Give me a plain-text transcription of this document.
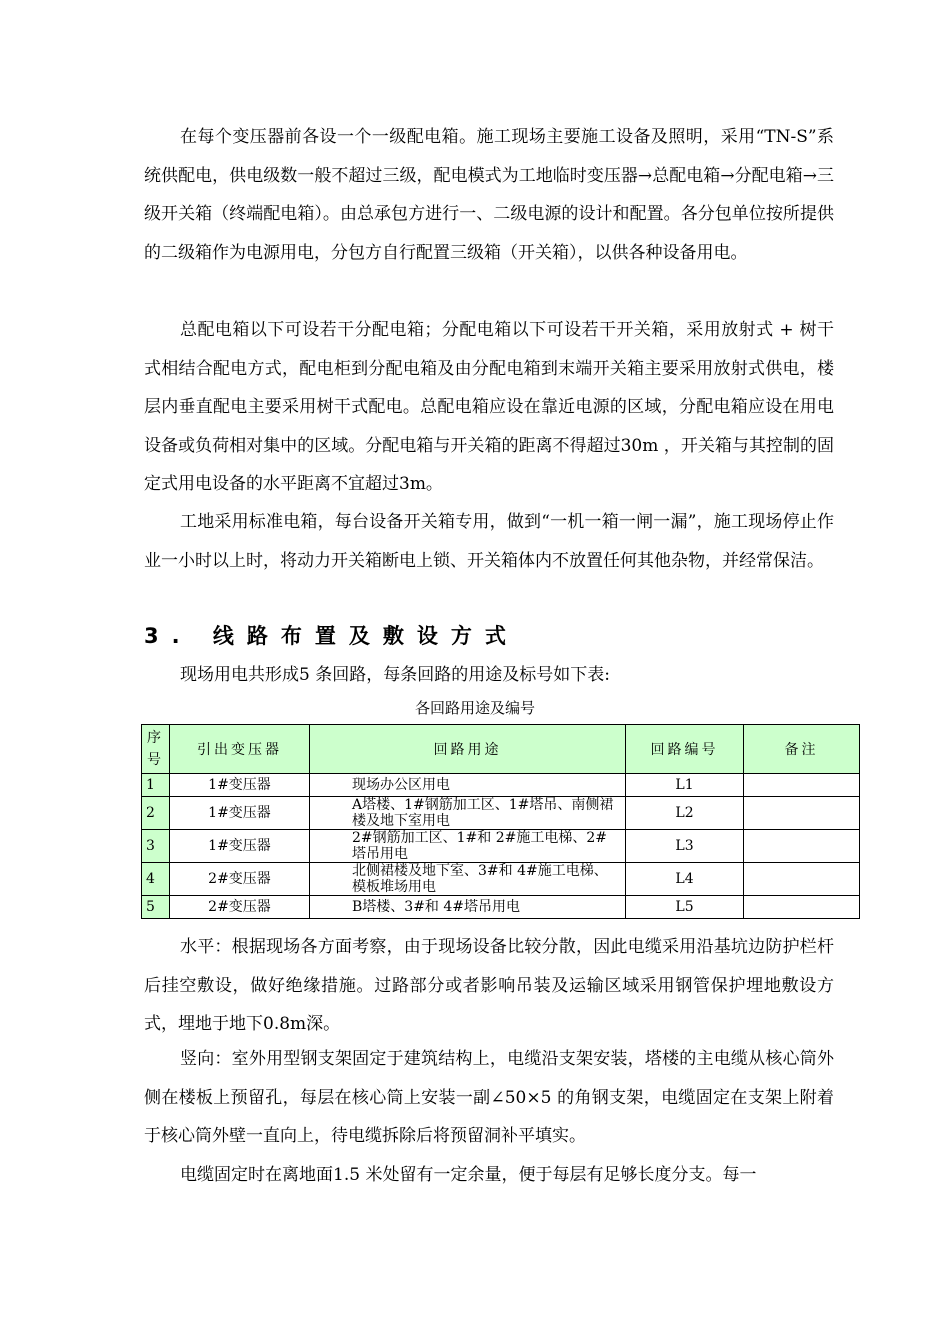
在每个变压器前各设一个一级配电箱。施工现场主要施工设备及照明，采用“TN-S”系统供配电，供电级数一般不超过三级，配电模式为工地临时变压器→总配电箱→分配电箱→三级开关箱（终端配电箱）。由总承包方进行一、二级电源的设计和配置。各分包单位按所提供的二级箱作为电源用电，分包方自行配置三级箱（开关箱），以供各种设备用电。

总配电箱以下可设若干分配电箱；分配电箱以下可设若干开关箱，采用放射式 + 树干式相结合配电方式，配电柜到分配电箱及由分配电箱到末端开关箱主要采用放射式供电，楼层内垂直配电主要采用树干式配电。总配电箱应设在靠近电源的区域，分配电箱应设在用电设备或负荷相对集中的区域。分配电箱与开关箱的距离不得超过30m ，开关箱与其控制的固定式用电设备的水平距离不宜超过3m。

工地采用标准电箱，每台设备开关箱专用，做到“一机一箱一闸一漏”，施工现场停止作业一小时以上时，将动力开关箱断电上锁、开关箱体内不放置任何其他杂物，并经常保洁。

3. 线路布置及敷设方式
现场用电共形成5 条回路，每条回路的用途及标号如下表:
各回路用途及编号
序
号	引出变压器	回路用途	回路编号	备注
1	1#变压器	现场办公区用电	L1	
2	1#变压器	A塔楼、1#钢筋加工区、1#塔吊、南侧裙楼及地下室用电	L2	
3	1#变压器	2#钢筋加工区、1#和 2#施工电梯、2#塔吊用电	L3	
4	2#变压器	北侧裙楼及地下室、3#和 4#施工电梯、模板堆场用电	L4	
5	2#变压器	B塔楼、3#和 4#塔吊用电	L5	

水平：根据现场各方面考察，由于现场设备比较分散，因此电缆采用沿基坑边防护栏杆后挂空敷设，做好绝缘措施。过路部分或者影响吊装及运输区域采用钢管保护埋地敷设方式，埋地于地下0.8m深。

竖向：室外用型钢支架固定于建筑结构上，电缆沿支架安装，塔楼的主电缆从核心筒外侧在楼板上预留孔，每层在核心筒上安装一副∠50×5 的角钢支架，电缆固定在支架上附着于核心筒外壁一直向上，待电缆拆除后将预留洞补平填实。

电缆固定时在离地面1.5 米处留有一定余量，便于每层有足够长度分支。每一
